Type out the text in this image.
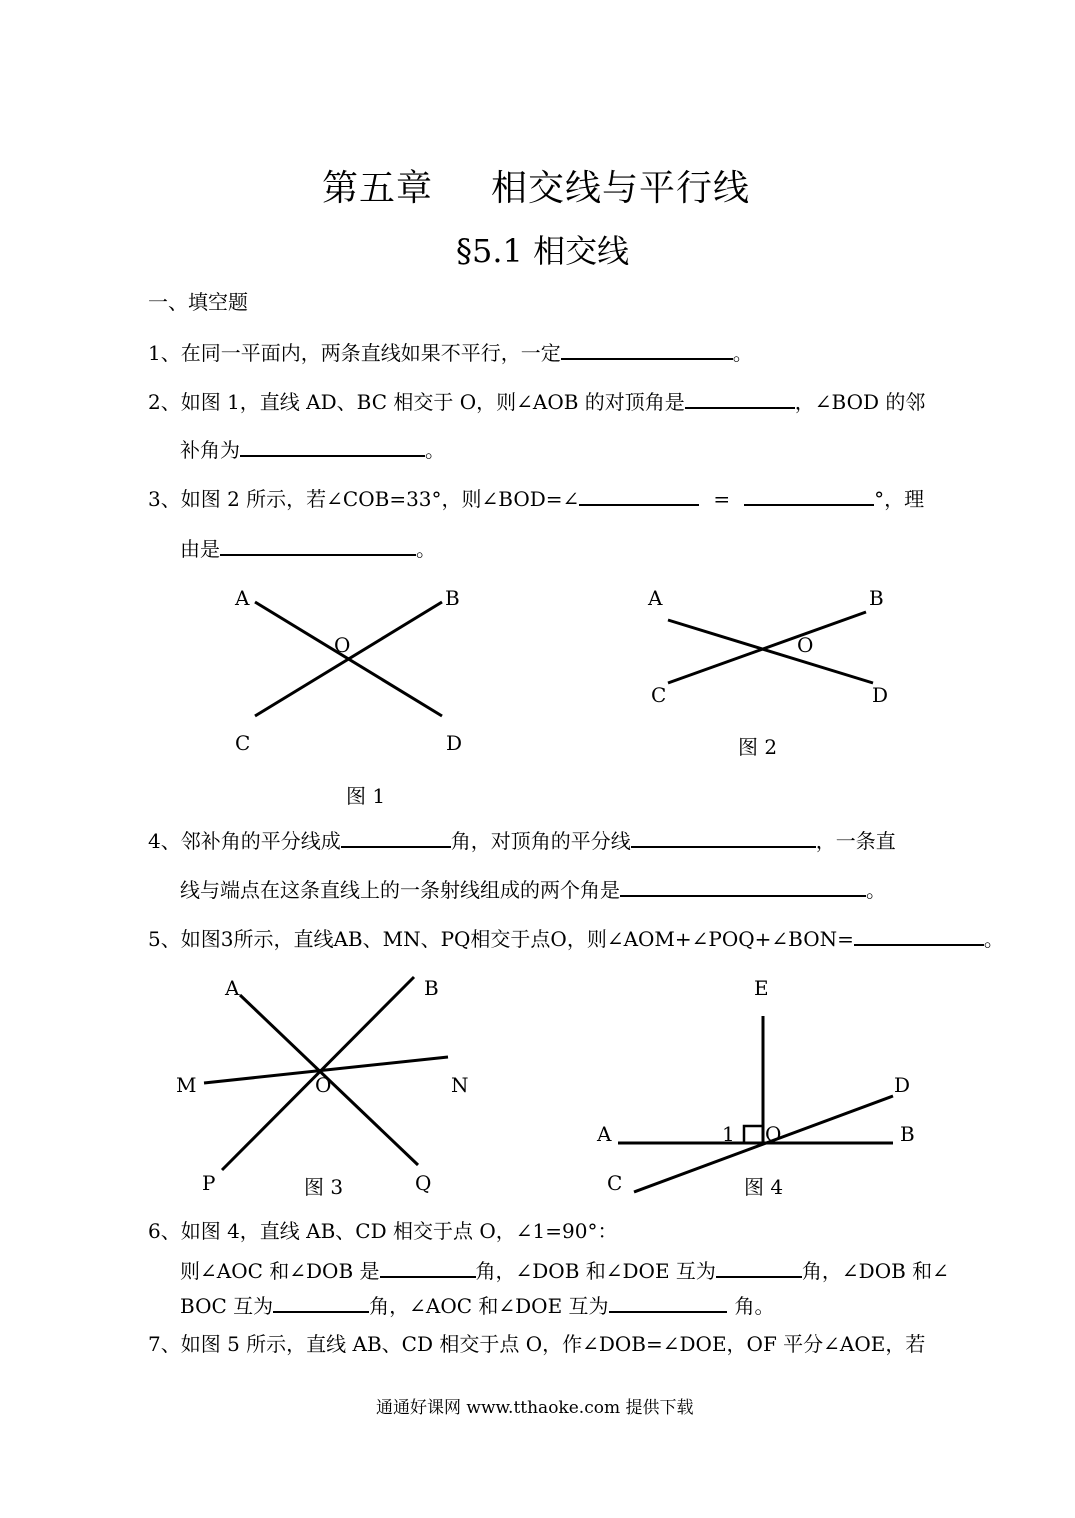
第五章 相交线与平行线
§5.1 相交线
一、填空题
1、在同一平面内，两条直线如果不平行，一定	。
2、如图 1，直线 AD、BC 相交于 O，则∠AOB 的对顶角是	，∠BOD 的邻
补角为	。
3、如图 2 所示，若∠COB=33°，则∠BOD=∠	=	°，理
由是	。
A	B
O
C	D
图 1
A	B
O
C	D
图 2
4、邻补角的平分线成	角，对顶角的平分线	，一条直
线与端点在这条直线上的一条射线组成的两个角是	。
5、如图3所示，直线AB、MN、PQ相交于点O，则∠AOM+∠POQ+∠BON=	。
A	B
M	O	N
P	图 3	Q
E
D
A	1 O	B
C	图 4
6、如图 4，直线 AB、CD 相交于点 O，∠1=90°：
则∠AOC 和∠DOB 是	角，∠DOB 和∠DOE 互为	角，∠DOB 和∠
BOC 互为	角，∠AOC 和∠DOE 互为	角。
7、如图 5 所示，直线 AB、CD 相交于点 O，作∠DOB=∠DOE，OF 平分∠AOE，若
通通好课网 www.tthaoke.com 提供下载
